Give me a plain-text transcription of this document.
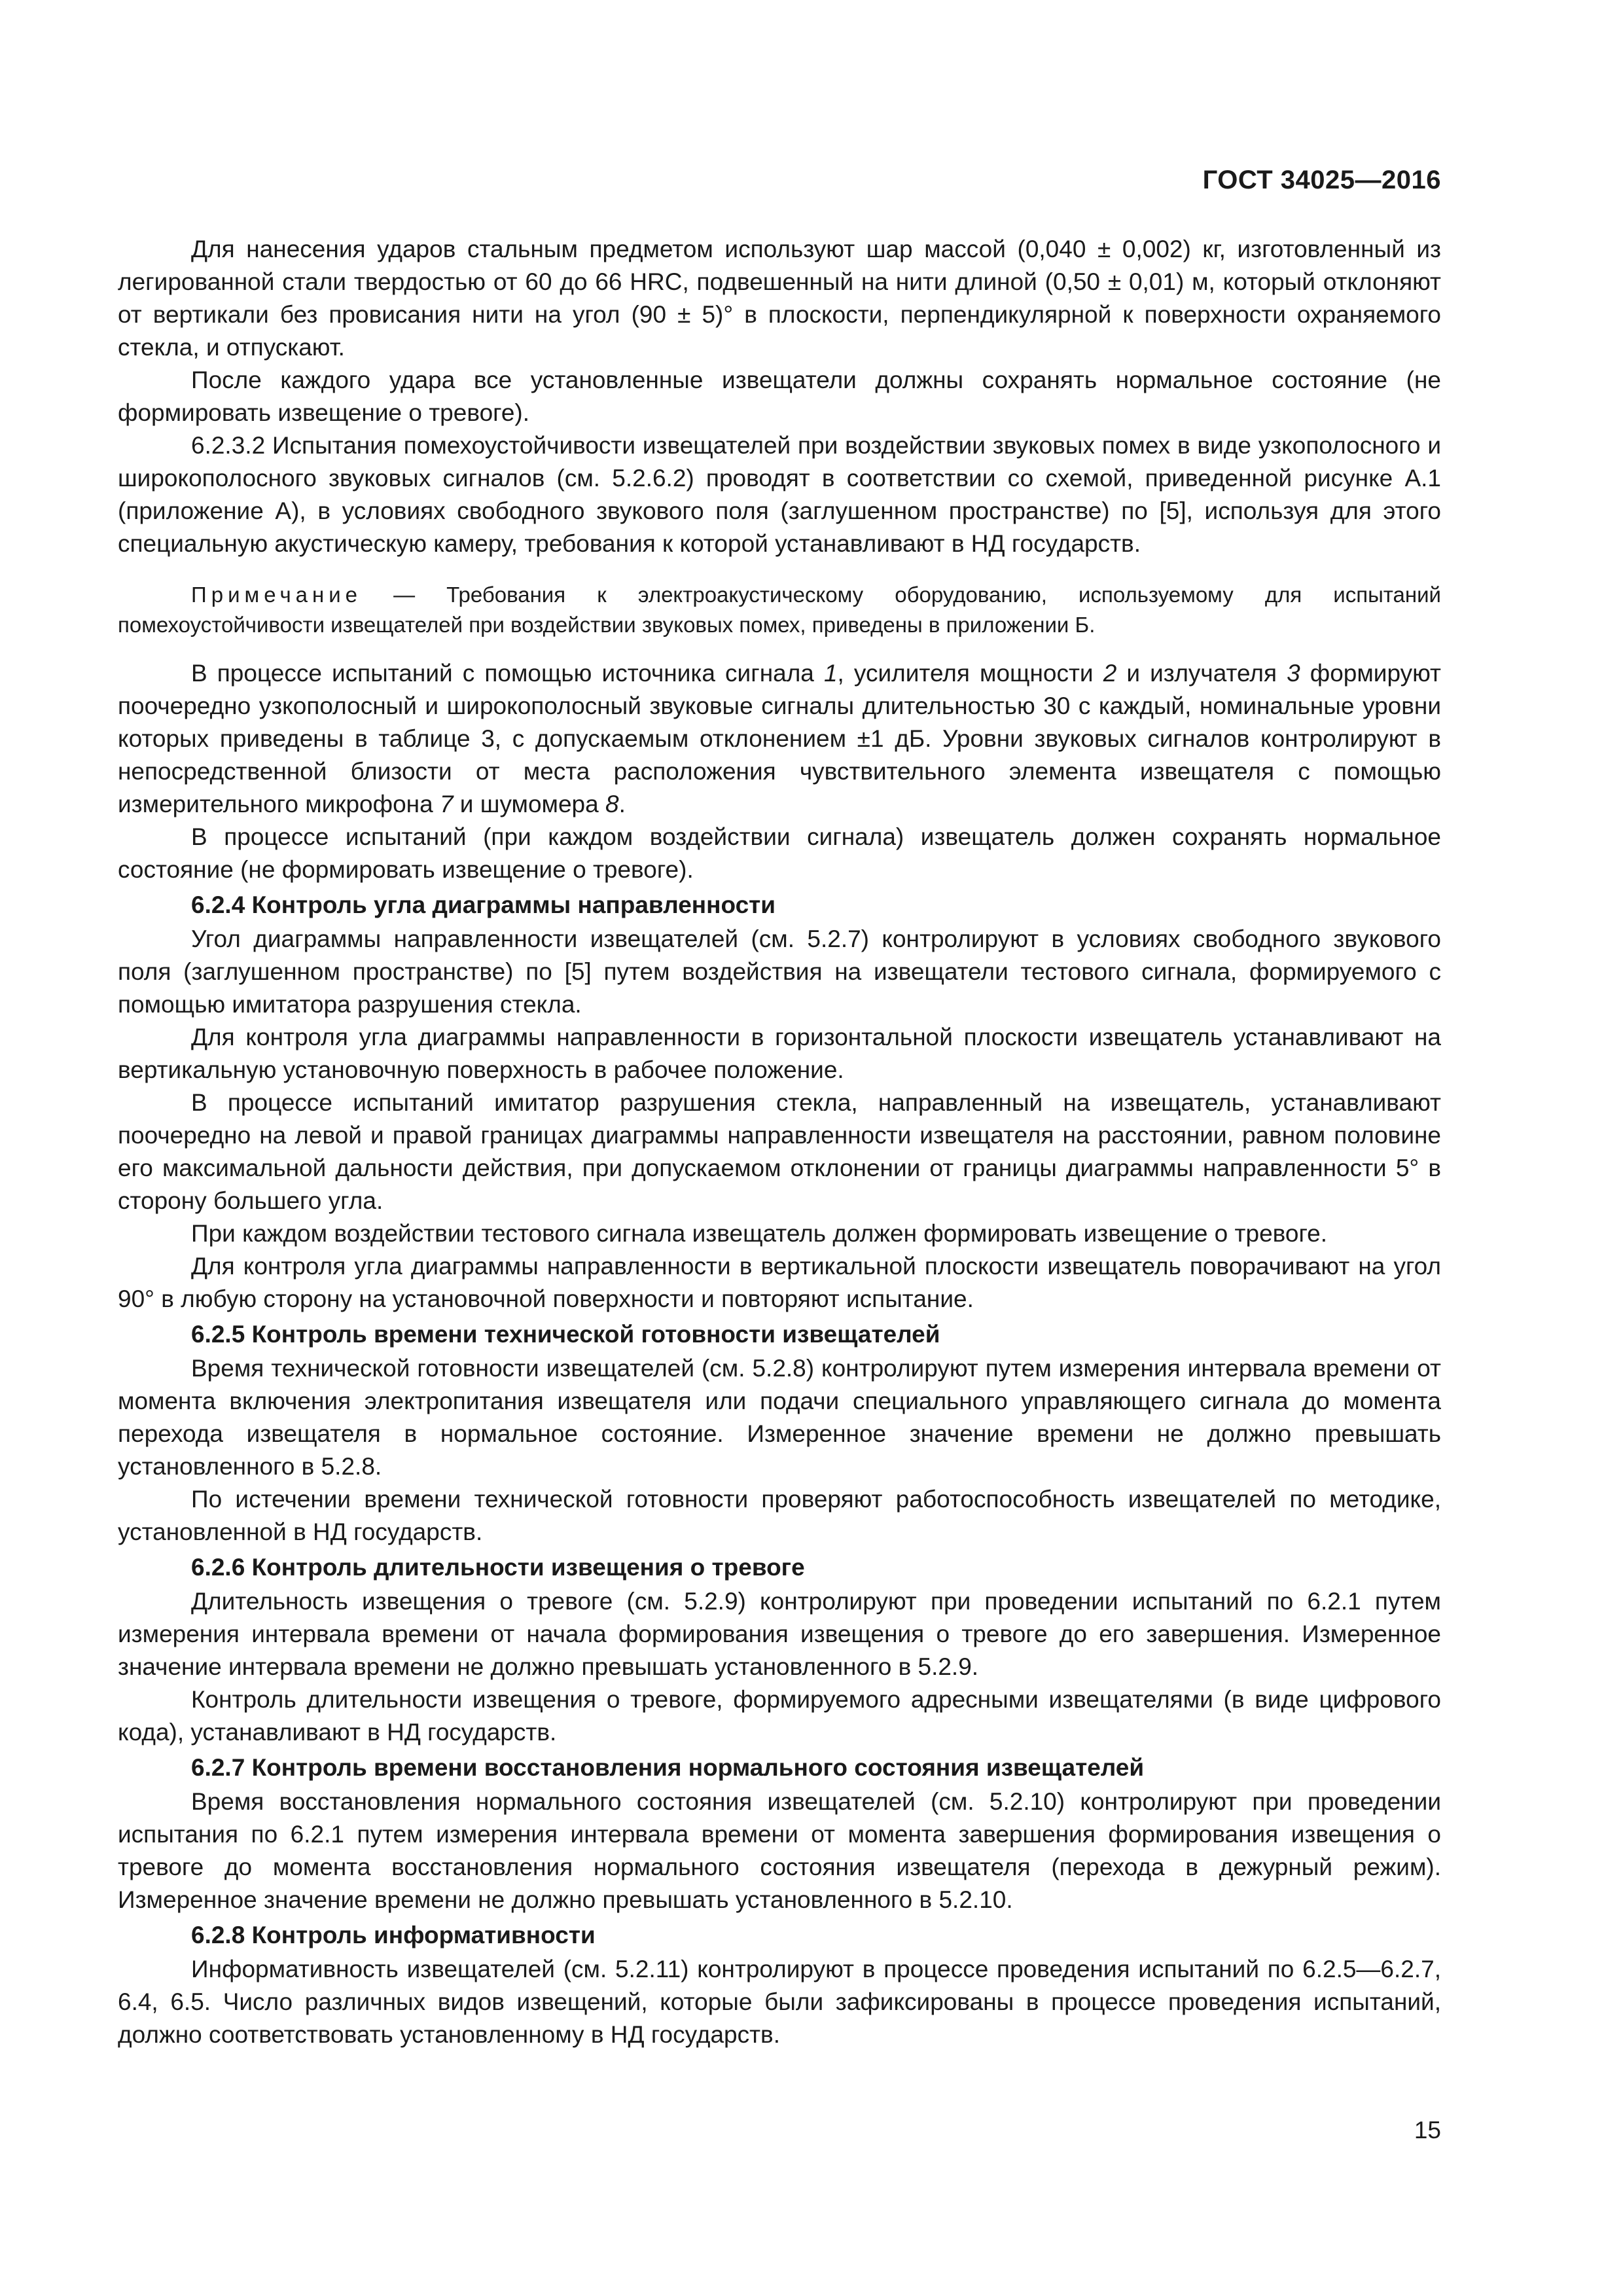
ГОСТ 34025—2016

Для нанесения ударов стальным предметом используют шар массой (0,040 ± 0,002) кг, изготовленный из легированной стали твердостью от 60 до 66 HRC, подвешенный на нити длиной (0,50 ± 0,01) м, который отклоняют от вертикали без провисания нити на угол (90 ± 5)° в плоскости, перпендикулярной к поверхности охраняемого стекла, и отпускают.

После каждого удара все установленные извещатели должны сохранять нормальное состояние (не формировать извещение о тревоге).

6.2.3.2 Испытания помехоустойчивости извещателей при воздействии звуковых помех в виде узкополосного и широкополосного звуковых сигналов (см. 5.2.6.2) проводят в соответствии со схемой, приведенной рисунке А.1 (приложение А), в условиях свободного звукового поля (заглушенном пространстве) по [5], используя для этого специальную акустическую камеру, требования к которой устанавливают в НД государств.

Примечание — Требования к электроакустическому оборудованию, используемому для испытаний помехоустойчивости извещателей при воздействии звуковых помех, приведены в приложении Б.

В процессе испытаний с помощью источника сигнала 1, усилителя мощности 2 и излучателя 3 формируют поочередно узкополосный и широкополосный звуковые сигналы длительностью 30 с каждый, номинальные уровни которых приведены в таблице 3, с допускаемым отклонением ±1 дБ. Уровни звуковых сигналов контролируют в непосредственной близости от места расположения чувствительного элемента извещателя с помощью измерительного микрофона 7 и шумомера 8.

В процессе испытаний (при каждом воздействии сигнала) извещатель должен сохранять нормальное состояние (не формировать извещение о тревоге).

6.2.4 Контроль угла диаграммы направленности

Угол диаграммы направленности извещателей (см. 5.2.7) контролируют в условиях свободного звукового поля (заглушенном пространстве) по [5] путем воздействия на извещатели тестового сигнала, формируемого с помощью имитатора разрушения стекла.

Для контроля угла диаграммы направленности в горизонтальной плоскости извещатель устанавливают на вертикальную установочную поверхность в рабочее положение.

В процессе испытаний имитатор разрушения стекла, направленный на извещатель, устанавливают поочередно на левой и правой границах диаграммы направленности извещателя на расстоянии, равном половине его максимальной дальности действия, при допускаемом отклонении от границы диаграммы направленности 5° в сторону большего угла.

При каждом воздействии тестового сигнала извещатель должен формировать извещение о тревоге.

Для контроля угла диаграммы направленности в вертикальной плоскости извещатель поворачивают на угол 90° в любую сторону на установочной поверхности и повторяют испытание.

6.2.5 Контроль времени технической готовности извещателей

Время технической готовности извещателей (см. 5.2.8) контролируют путем измерения интервала времени от момента включения электропитания извещателя или подачи специального управляющего сигнала до момента перехода извещателя в нормальное состояние. Измеренное значение времени не должно превышать установленного в 5.2.8.

По истечении времени технической готовности проверяют работоспособность извещателей по методике, установленной в НД государств.

6.2.6 Контроль длительности извещения о тревоге

Длительность извещения о тревоге (см. 5.2.9) контролируют при проведении испытаний по 6.2.1 путем измерения интервала времени от начала формирования извещения о тревоге до его завершения. Измеренное значение интервала времени не должно превышать установленного в 5.2.9.

Контроль длительности извещения о тревоге, формируемого адресными извещателями (в виде цифрового кода), устанавливают в НД государств.

6.2.7 Контроль времени восстановления нормального состояния извещателей

Время восстановления нормального состояния извещателей (см. 5.2.10) контролируют при проведении испытания по 6.2.1 путем измерения интервала времени от момента завершения формирования извещения о тревоге до момента восстановления нормального состояния извещателя (перехода в дежурный режим). Измеренное значение времени не должно превышать установленного в 5.2.10.

6.2.8 Контроль информативности

Информативность извещателей (см. 5.2.11) контролируют в процессе проведения испытаний по 6.2.5—6.2.7, 6.4, 6.5. Число различных видов извещений, которые были зафиксированы в процессе проведения испытаний, должно соответствовать установленному в НД государств.

15
